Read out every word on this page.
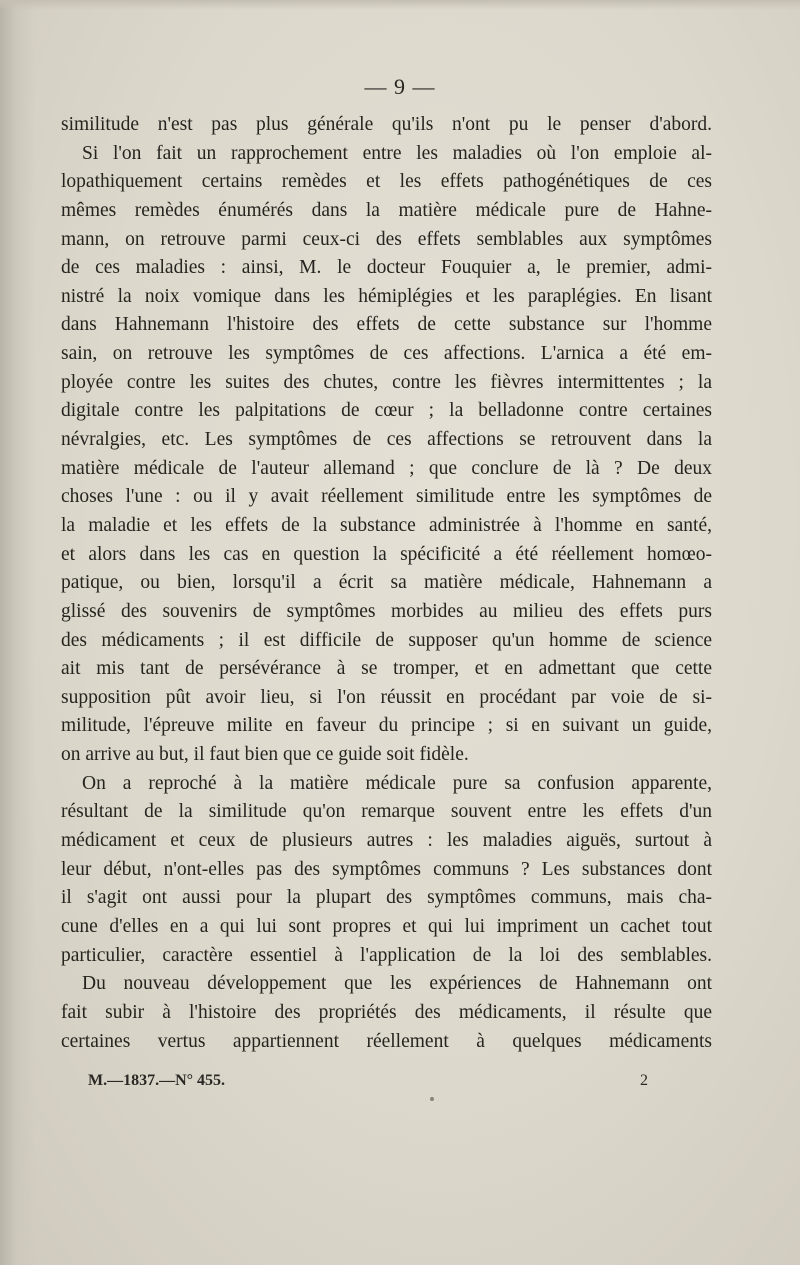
— 9 —
similitude n'est pas plus générale qu'ils n'ont pu le penser d'abord.
Si l'on fait un rapprochement entre les maladies où l'on emploie al-
lopathiquement certains remèdes et les effets pathogénétiques de ces
mêmes remèdes énumérés dans la matière médicale pure de Hahne-
mann, on retrouve parmi ceux-ci des effets semblables aux symptômes
de ces maladies : ainsi, M. le docteur Fouquier a, le premier, admi-
nistré la noix vomique dans les hémiplégies et les paraplégies. En lisant
dans Hahnemann l'histoire des effets de cette substance sur l'homme
sain, on retrouve les symptômes de ces affections. L'arnica a été em-
ployée contre les suites des chutes, contre les fièvres intermittentes ; la
digitale contre les palpitations de cœur ; la belladonne contre certaines
névralgies, etc. Les symptômes de ces affections se retrouvent dans la
matière médicale de l'auteur allemand ; que conclure de là ? De deux
choses l'une : ou il y avait réellement similitude entre les symptômes de
la maladie et les effets de la substance administrée à l'homme en santé,
et alors dans les cas en question la spécificité a été réellement homœo-
patique, ou bien, lorsqu'il a écrit sa matière médicale, Hahnemann a
glissé des souvenirs de symptômes morbides au milieu des effets purs
des médicaments ; il est difficile de supposer qu'un homme de science
ait mis tant de persévérance à se tromper, et en admettant que cette
supposition pût avoir lieu, si l'on réussit en procédant par voie de si-
militude, l'épreuve milite en faveur du principe ; si en suivant un guide,
on arrive au but, il faut bien que ce guide soit fidèle.
On a reproché à la matière médicale pure sa confusion apparente,
résultant de la similitude qu'on remarque souvent entre les effets d'un
médicament et ceux de plusieurs autres : les maladies aiguës, surtout à
leur début, n'ont-elles pas des symptômes communs ? Les substances dont
il s'agit ont aussi pour la plupart des symptômes communs, mais cha-
cune d'elles en a qui lui sont propres et qui lui impriment un cachet tout
particulier, caractère essentiel à l'application de la loi des semblables.
Du nouveau développement que les expériences de Hahnemann ont
fait subir à l'histoire des propriétés des médicaments, il résulte que
certaines vertus appartiennent réellement à quelques médicaments
M.—1837.—N° 455.	2
